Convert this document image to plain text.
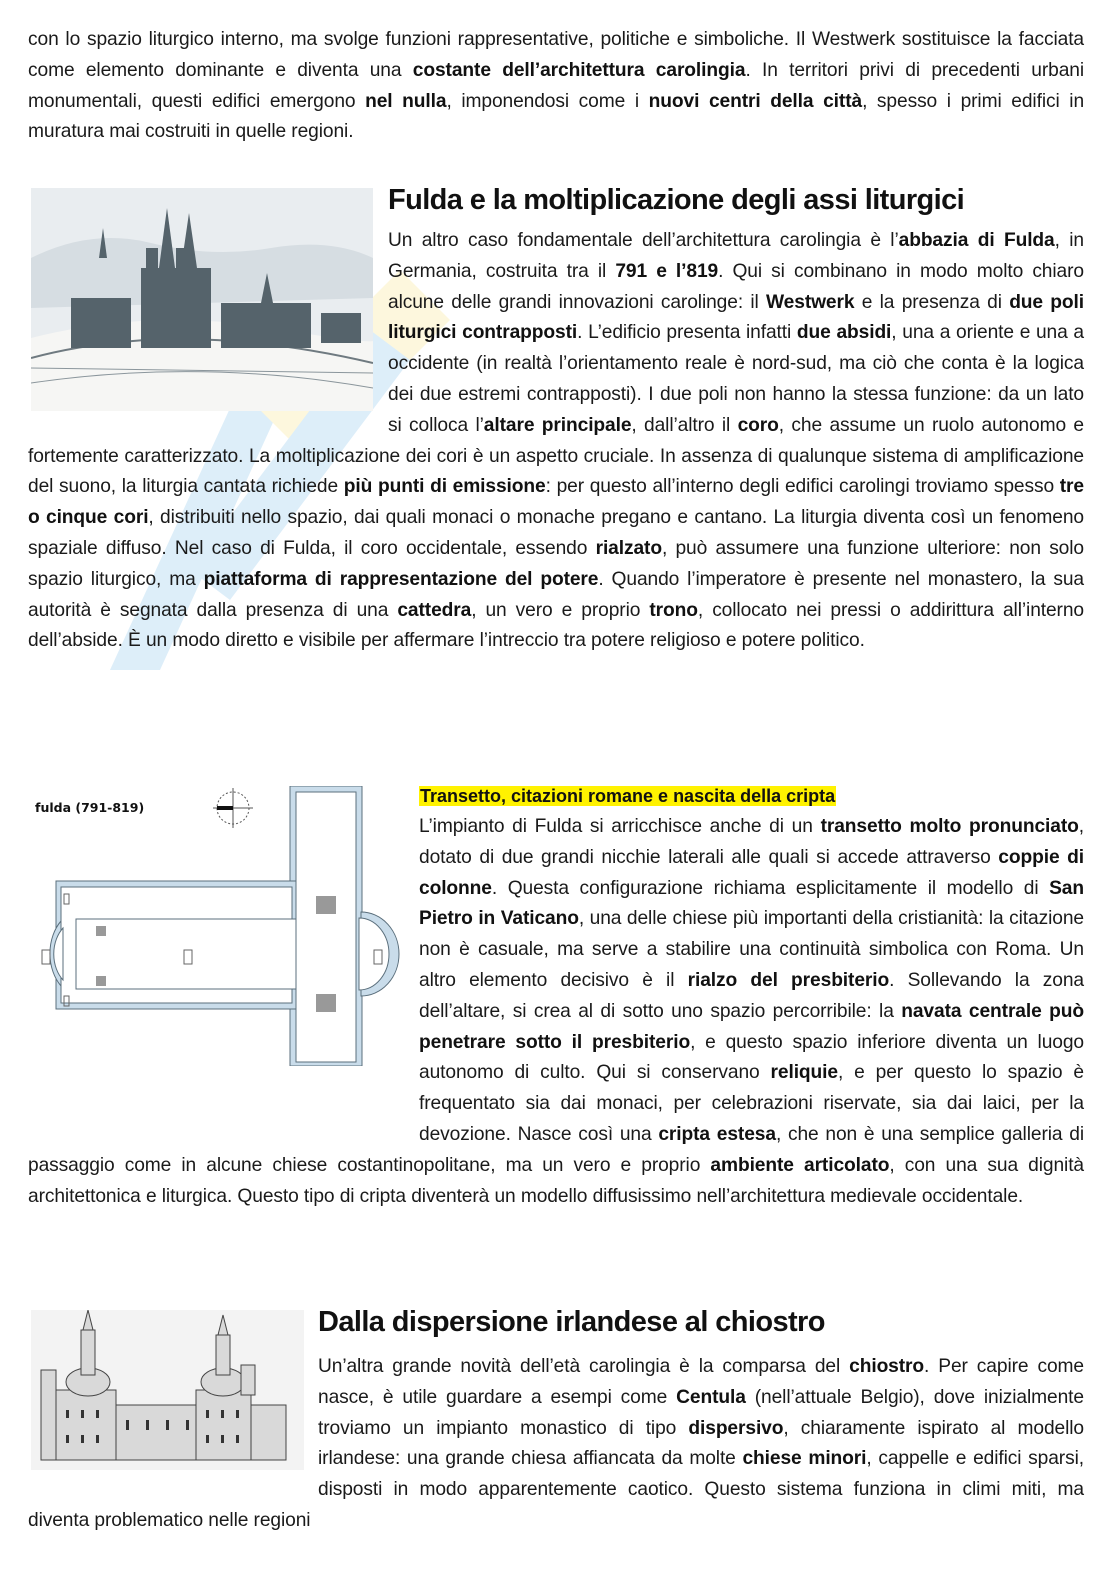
con lo spazio liturgico interno, ma svolge funzioni rappresentative, politiche e simboliche. Il Westwerk sostituisce la facciata come elemento dominante e diventa una costante dell’architettura carolingia. In territori privi di precedenti urbani monumentali, questi edifici emergono nel nulla, imponendosi come i nuovi centri della città, spesso i primi edifici in muratura mai costruiti in quelle regioni.
Fulda e la moltiplicazione degli assi liturgici
Un altro caso fondamentale dell’architettura carolingia è l’abbazia di Fulda, in Germania, costruita tra il 791 e l’819. Qui si combinano in modo molto chiaro alcune delle grandi innovazioni carolinge: il Westwerk e la presenza di due poli liturgici contrapposti. L’edificio presenta infatti due absidi, una a oriente e una a occidente (in realtà l’orientamento reale è nord-sud, ma ciò che conta è la logica dei due estremi contrapposti). I due poli non hanno la stessa funzione: da un lato si colloca l’altare principale, dall’altro il coro, che assume un ruolo autonomo e fortemente caratterizzato. La moltiplicazione dei cori è un aspetto cruciale. In assenza di qualunque sistema di amplificazione del suono, la liturgia cantata richiede più punti di emissione: per questo all’interno degli edifici carolingi troviamo spesso tre o cinque cori, distribuiti nello spazio, dai quali monaci o monache pregano e cantano. La liturgia diventa così un fenomeno spaziale diffuso. Nel caso di Fulda, il coro occidentale, essendo rialzato, può assumere una funzione ulteriore: non solo spazio liturgico, ma piattaforma di rappresentazione del potere. Quando l’imperatore è presente nel monastero, la sua autorità è segnata dalla presenza di una cattedra, un vero e proprio trono, collocato nei pressi o addirittura all’interno dell’abside. È un modo diretto e visibile per affermare l’intreccio tra potere religioso e potere politico.
fulda (791-819)
Transetto, citazioni romane e nascita della cripta
L’impianto di Fulda si arricchisce anche di un transetto molto pronunciato, dotato di due grandi nicchie laterali alle quali si accede attraverso coppie di colonne. Questa configurazione richiama esplicitamente il modello di San Pietro in Vaticano, una delle chiese più importanti della cristianità: la citazione non è casuale, ma serve a stabilire una continuità simbolica con Roma. Un altro elemento decisivo è il rialzo del presbiterio. Sollevando la zona dell’altare, si crea al di sotto uno spazio percorribile: la navata centrale può penetrare sotto il presbiterio, e questo spazio inferiore diventa un luogo autonomo di culto. Qui si conservano reliquie, e per questo lo spazio è frequentato sia dai monaci, per celebrazioni riservate, sia dai laici, per la devozione. Nasce così una cripta estesa, che non è una semplice galleria di passaggio come in alcune chiese costantinopolitane, ma un vero e proprio ambiente articolato, con una sua dignità architettonica e liturgica. Questo tipo di cripta diventerà un modello diffusissimo nell’architettura medievale occidentale.
Dalla dispersione irlandese al chiostro
Un’altra grande novità dell’età carolingia è la comparsa del chiostro. Per capire come nasce, è utile guardare a esempi come Centula (nell’attuale Belgio), dove inizialmente troviamo un impianto monastico di tipo dispersivo, chiaramente ispirato al modello irlandese: una grande chiesa affiancata da molte chiese minori, cappelle e edifici sparsi, disposti in modo apparentemente caotico. Questo sistema funziona in climi miti, ma diventa problematico nelle regioni
